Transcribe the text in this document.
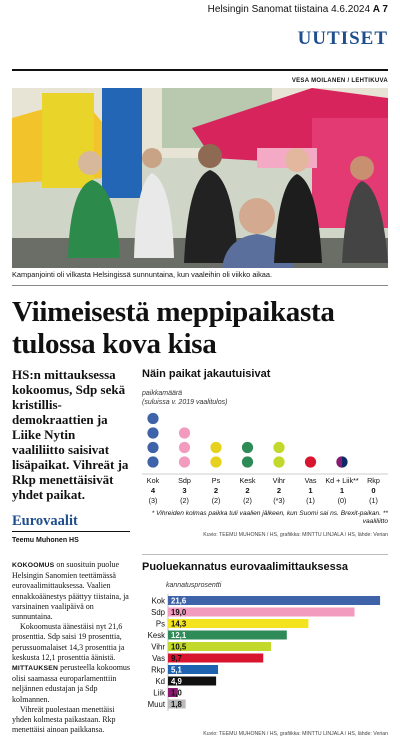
Helsingin Sanomat tiistaina 4.6.2024 A 7
UUTISET
VESA MOILANEN / LEHTIKUVA
Kampanjointi oli vilkasta Helsingissä sunnuntaina, kun vaaleihin oli viikko aikaa.
Viimeisestä meppipaikasta tulossa kova kisa
HS:n mittauksessa kokoomus, Sdp sekä kristillisdemokraattien ja Liike Nytin vaaliliitto saisivat lisäpaikat. Vihreät ja Rkp menettäisivät yhdet paikat.
Eurovaalit
Teemu Muhonen HS

KOKOOMUS on suosituin puolue Helsingin Sanomien teettämässä eurovaalimittauksessa. Vaalien ennakkoäänestys päättyy tiistaina, ja varsinainen vaalipäivä on sunnuntaina.

Kokoomusta äänestäisi nyt 21,6 prosenttia. Sdp saisi 19 prosenttia, perussuomalaiset 14,3 prosenttia ja keskusta 12,1 prosenttia äänistä.

MITTAUKSEN perusteella kokoomus olisi saamassa europarlamenttiin neljännen edustajan ja Sdp kolmannen.

Vihreät puolestaan menettäisi yhden kolmesta paikastaan. Rkp menettäisi ainoan paikkansa.

Näin paikat jakautuisivat
paikkamäärä
(suluissa v. 2019 vaalitulos)
Kok
4
(3)
Sdp
3
(2)
Ps
2
(2)
Kesk
2
(2)
Vihr
2
(*3)
Vas
1
(1)
Kd + Liik**
1
(0)
Rkp
0
(1)
* Vihreiden kolmas paikka tuli vaalien jälkeen, kun Suomi sai ns. Brexit-paikan. ** vaaliliitto
Kuvio: TEEMU MUHONEN / HS, grafiikka: MINTTU LINJALA / HS, lähde: Verian
Puoluekannatus eurovaalimittauksessa
kannatusprosentti
Kok 21,6
Sdp 19,0
Ps 14,3
Kesk 12,1
Vihr 10,5
Vas 9,7
Rkp 5,1
Kd 4,9
Liik 1,0
Muut 1,8
Kuvio: TEEMU MUHONEN / HS, grafiikka: MINTTU LINJALA / HS, lähde: Verian
